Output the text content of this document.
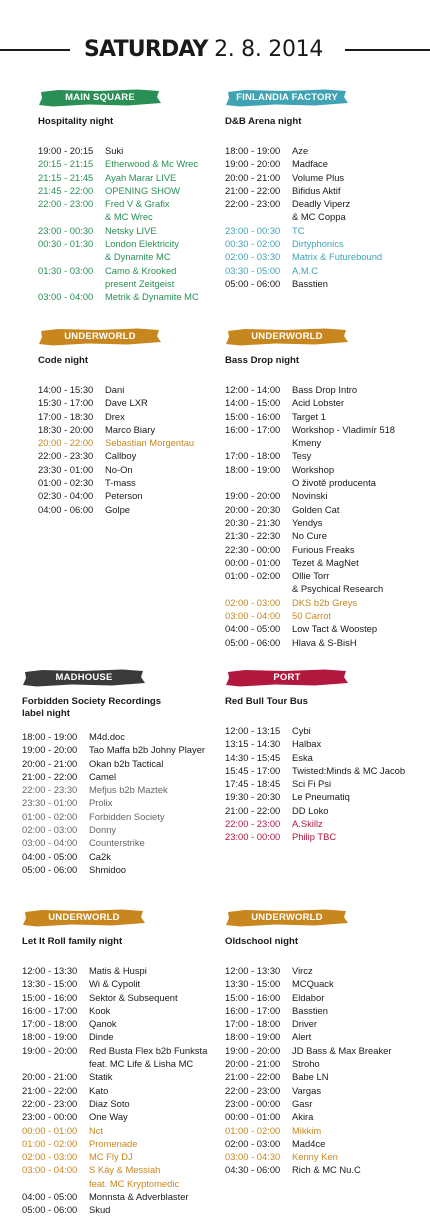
SATURDAY 2. 8. 2014
MAIN SQUARE
Hospitality night
19:00 - 20:15	Suki
20:15 - 21:15	Etherwood & Mc Wrec
21:15 - 21:45	Ayah Marar LIVE
21:45 - 22:00	OPENING SHOW
22:00 - 23:00	Fred V & Grafix
& MC Wrec
23:00 - 00:30	Netsky LIVE
00:30 - 01:30	London Elektricity
& Dynamite MC
01:30 - 03:00	Camo & Krooked
present Zeitgeist
03:00 - 04:00	Metrik & Dynamite MC
FINLANDIA FACTORY
D&B Arena night
18:00 - 19:00	Aze
19:00 - 20:00	Madface
20:00 - 21:00	Volume Plus
21:00 - 22:00	Bifidus Aktif
22:00 - 23:00	Deadly Viperz
& MC Coppa
23:00 - 00:30	TC
00:30 - 02:00	Dirtyphonics
02:00 - 03:30	Matrix & Futurebound
03:30 - 05:00	A.M.C
05:00 - 06:00	Basstien
UNDERWORLD
Code night
14:00 - 15:30	Dani
15:30 - 17:00	Dave LXR
17:00 - 18:30	Drex
18:30 - 20:00	Marco Biary
20:00 - 22:00	Sebastian Morgentau
22:00 - 23:30	Callboy
23:30 - 01:00	No-On
01:00 - 02:30	T-mass
02:30 - 04:00	Peterson
04:00 - 06:00	Golpe
UNDERWORLD
Bass Drop night
12:00 - 14:00	Bass Drop Intro
14:00 - 15:00	Acid Lobster
15:00 - 16:00	Target 1
16:00 - 17:00	Workshop - Vladimír 518
Kmeny
17:00 - 18:00	Tesy
18:00 - 19:00	Workshop
O životě producenta
19:00 - 20:00	Novinski
20:00 - 20:30	Golden Cat
20:30 - 21:30	Yendys
21:30 - 22:30	No Cure
22:30 - 00:00	Furious Freaks
00:00 - 01:00	Tezet & MagNet
01:00 - 02:00	Ollie Torr
& Psychical Research
02:00 - 03:00	DKS b2b Greys
03:00 - 04:00	50 Carrot
04:00 - 05:00	Low Tact & Woostep
05:00 - 06:00	Hlava & S-BisH
MADHOUSE
Forbidden Society Recordings label night
18:00 - 19:00	M4d.doc
19:00 - 20:00	Tao Maffa b2b Johny Player
20:00 - 21:00	Okan b2b Tactical
21:00 - 22:00	Camel
22:00 - 23:30	Mefjus b2b Maztek
23:30 - 01:00	Prolix
01:00 - 02:00	Forbidden Society
02:00 - 03:00	Donny
03:00 - 04:00	Counterstrike
04:00 - 05:00	Ca2k
05:00 - 06:00	Shmidoo
PORT
Red Bull Tour Bus
12:00 - 13:15	Cybi
13:15 - 14:30	Halbax
14:30 - 15:45	Eska
15:45 - 17:00	Twisted:Minds & MC Jacob
17:45 - 18:45	Sci Fi Psi
19:30 - 20:30	Le Pneumatiq
21:00 - 22:00	DD Loko
22:00 - 23:00	A.Skillz
23:00 - 00:00	Philip TBC
UNDERWORLD
Let It Roll family night
12:00 - 13:30	Matis & Huspi
13:30 - 15:00	Wi & Cypolit
15:00 - 16:00	Sektor & Subsequent
16:00 - 17:00	Kook
17:00 - 18:00	Qanok
18:00 - 19:00	Dinde
19:00 - 20:00	Red Busta Flex b2b Funksta
feat. MC Life & Lisha MC
20:00 - 21:00	Statik
21:00 - 22:00	Kato
22:00 - 23:00	Diaz Soto
23:00 - 00:00	One Way
00:00 - 01:00	Nct
01:00 - 02:00	Promenade
02:00 - 03:00	MC Fly DJ
03:00 - 04:00	S Käy & Messiah
feat. MC Kryptomedic
04:00 - 05:00	Monnsta & Adverblaster
05:00 - 06:00	Skud
UNDERWORLD
Oldschool night
12:00 - 13:30	Vircz
13:30 - 15:00	MCQuack
15:00 - 16:00	Eldabor
16:00 - 17:00	Basstien
17:00 - 18:00	Driver
18:00 - 19:00	Alert
19:00 - 20:00	JD Bass & Max Breaker
20:00 - 21:00	Stroho
21:00 - 22:00	Babe LN
22:00 - 23:00	Vargas
23:00 - 00:00	Gasr
00:00 - 01:00	Akira
01:00 - 02:00	Mikkim
02:00 - 03:00	Mad4ce
03:00 - 04:30	Kenny Ken
04:30 - 06:00	Rich & MC Nu.C
